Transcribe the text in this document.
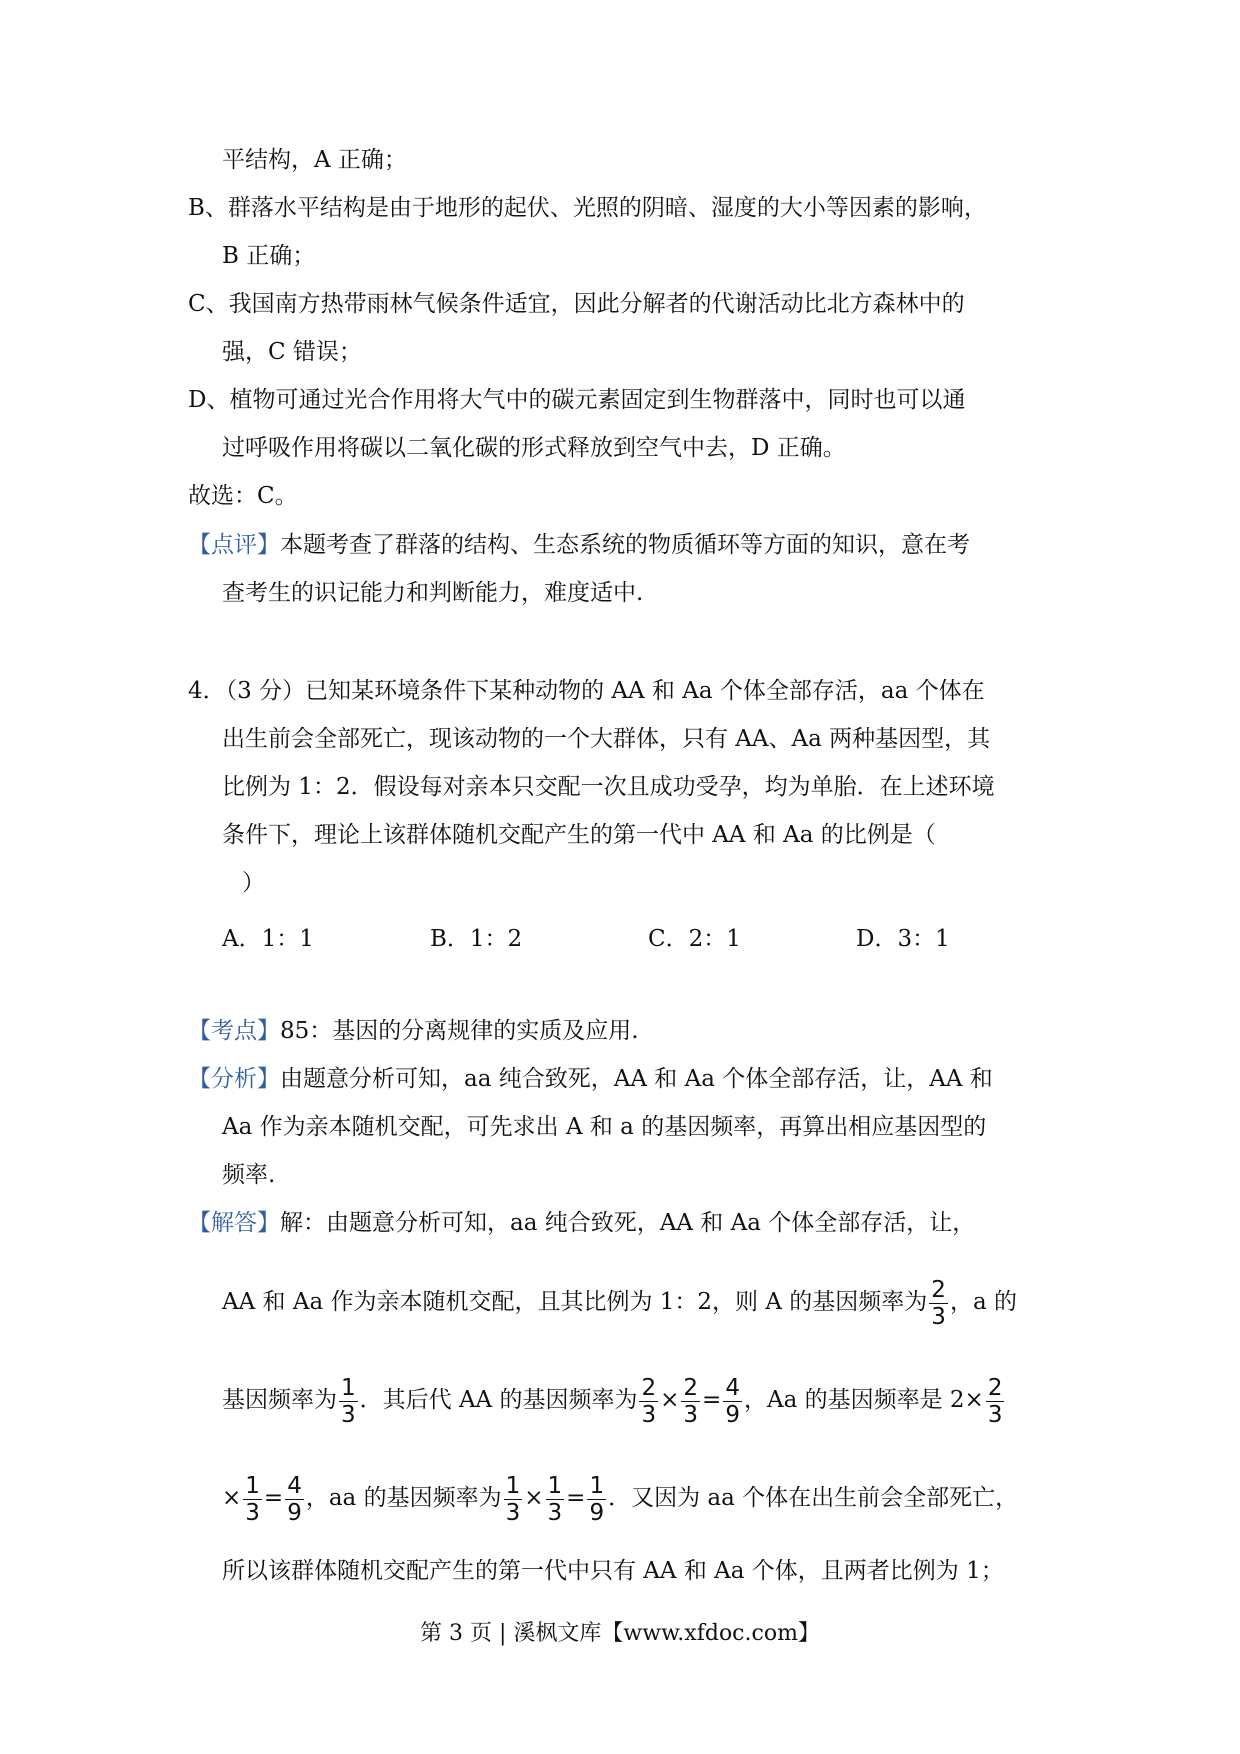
平结构，A 正确；
B、群落水平结构是由于地形的起伏、光照的阴暗、湿度的大小等因素的影响，
B 正确；
C、我国南方热带雨林气候条件适宜，因此分解者的代谢活动比北方森林中的
强，C 错误；
D、植物可通过光合作用将大气中的碳元素固定到生物群落中，同时也可以通
过呼吸作用将碳以二氧化碳的形式释放到空气中去，D 正确。
故选：C。
【点评】本题考查了群落的结构、生态系统的物质循环等方面的知识，意在考
查考生的识记能力和判断能力，难度适中.
4．（3 分）已知某环境条件下某种动物的 AA 和 Aa 个体全部存活，aa 个体在
出生前会全部死亡，现该动物的一个大群体，只有 AA、Aa 两种基因型，其
比例为 1：2．假设每对亲本只交配一次且成功受孕，均为单胎．在上述环境
条件下，理论上该群体随机交配产生的第一代中 AA 和 Aa 的比例是（
）
A．1：1	B．1：2	C．2：1	D．3：1
【考点】85：基因的分离规律的实质及应用.
【分析】由题意分析可知，aa 纯合致死，AA 和 Aa 个体全部存活，让，AA 和
Aa 作为亲本随机交配，可先求出 A 和 a 的基因频率，再算出相应基因型的
频率.
【解答】解：由题意分析可知，aa 纯合致死，AA 和 Aa 个体全部存活，让，
AA 和 Aa 作为亲本随机交配，且其比例为 1：2，则 A 的基因频率为 $\frac{2}{3}$ ，a 的
基因频率为 $\frac{1}{3}$ ．其后代 AA 的基因频率为 $\frac{2}{3} \times \frac{2}{3} = \frac{4}{9}$ ，Aa 的基因频率是 $2\times \frac{2}{3}$
× $\frac{1}{3} = \frac{4}{9}$ ，aa 的基因频率为 $\frac{1}{3} \times \frac{1}{3} = \frac{1}{9}$ ．又因为 aa 个体在出生前会全部死亡，
所以该群体随机交配产生的第一代中只有 AA 和 Aa 个体，且两者比例为 1；
第 3 页 | 溪枫文库【www.xfdoc.com】
